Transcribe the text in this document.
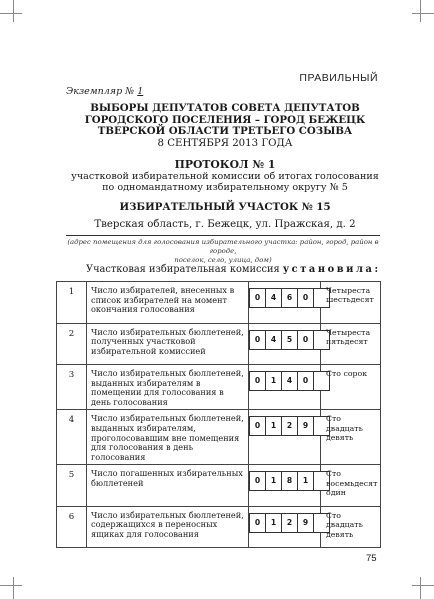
ПРАВИЛЬНЫЙ
Экземпляр № 1
ВЫБОРЫ ДЕПУТАТОВ СОВЕТА ДЕПУТАТОВ
ГОРОДСКОГО ПОСЕЛЕНИЯ – ГОРОД БЕЖЕЦК
ТВЕРСКОЙ ОБЛАСТИ ТРЕТЬЕГО СОЗЫВА
8 СЕНТЯБРЯ 2013 ГОДА
ПРОТОКОЛ № 1
участковой избирательной комиссии об итогах голосования
по одномандатному избирательному округу № 5
ИЗБИРАТЕЛЬНЫЙ УЧАСТОК № 15
Тверская область, г. Бежецк, ул. Пражская, д. 2
(адрес помещения для голосования избирательного участка: район, город, район в городе,
поселок, село, улица, дом)
Участковая избирательная комиссия установила:
1	Число избирателей, внесенных в список избирателей на момент окончания голосования	0 4 6 0	Четыреста шестьдесят
2	Число избирательных бюллетеней, полученных участковой избирательной комиссией	0 4 5 0	Четыреста пятьдесят
3	Число избирательных бюллетеней, выданных избирателям в помещении для голосования в день голосования	0 1 4 0	Сто сорок
4	Число избирательных бюллетеней, выданных избирателям, проголосовавшим вне помещения для голосования в день голосования	0 1 2 9	Сто двадцать девять
5	Число погашенных избирательных бюллетеней	0 1 8 1	Сто восемьдесят один
6	Число избирательных бюллетеней, содержащихся в переносных ящиках для голосования	0 1 2 9	Сто двадцать девять
75
